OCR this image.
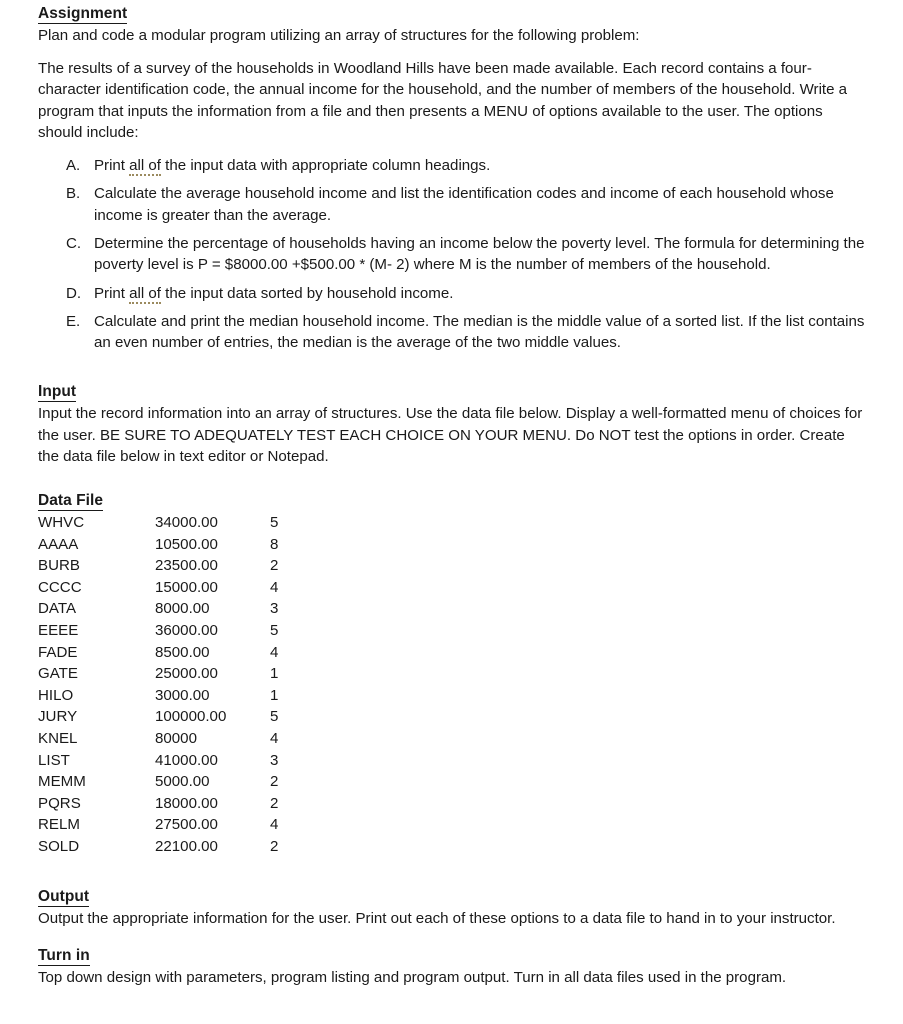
Assignment

Plan and code a modular program utilizing an array of structures for the following problem:

The results of a survey of the households in Woodland Hills have been made available. Each record contains a four-character identification code, the annual income for the household, and the number of members of the household. Write a program that inputs the information from a file and then presents a MENU of options available to the user. The options should include:

A. Print all of the input data with appropriate column headings.
B. Calculate the average household income and list the identification codes and income of each household whose income is greater than the average.
C. Determine the percentage of households having an income below the poverty level. The formula for determining the poverty level is P = $8000.00 +$500.00 * (M- 2) where M is the number of members of the household.
D. Print all of the input data sorted by household income.
E. Calculate and print the median household income. The median is the middle value of a sorted list. If the list contains an even number of entries, the median is the average of the two middle values.
Input

Input the record information into an array of structures. Use the data file below. Display a well-formatted menu of choices for the user. BE SURE TO ADEQUATELY TEST EACH CHOICE ON YOUR MENU. Do NOT test the options in order. Create the data file below in text editor or Notepad.

Data File
WHVC	34000.00	5
AAAA	10500.00	8
BURB	23500.00	2
CCCC	15000.00	4
DATA	8000.00	3
EEEE	36000.00	5
FADE	8500.00	4
GATE	25000.00	1
HILO	3000.00	1
JURY	100000.00	5
KNEL	80000	4
LIST	41000.00	3
MEMM	5000.00	2
PQRS	18000.00	2
RELM	27500.00	4
SOLD	22100.00	2
Output

Output the appropriate information for the user. Print out each of these options to a data file to hand in to your instructor.

Turn in

Top down design with parameters, program listing and program output. Turn in all data files used in the program.
